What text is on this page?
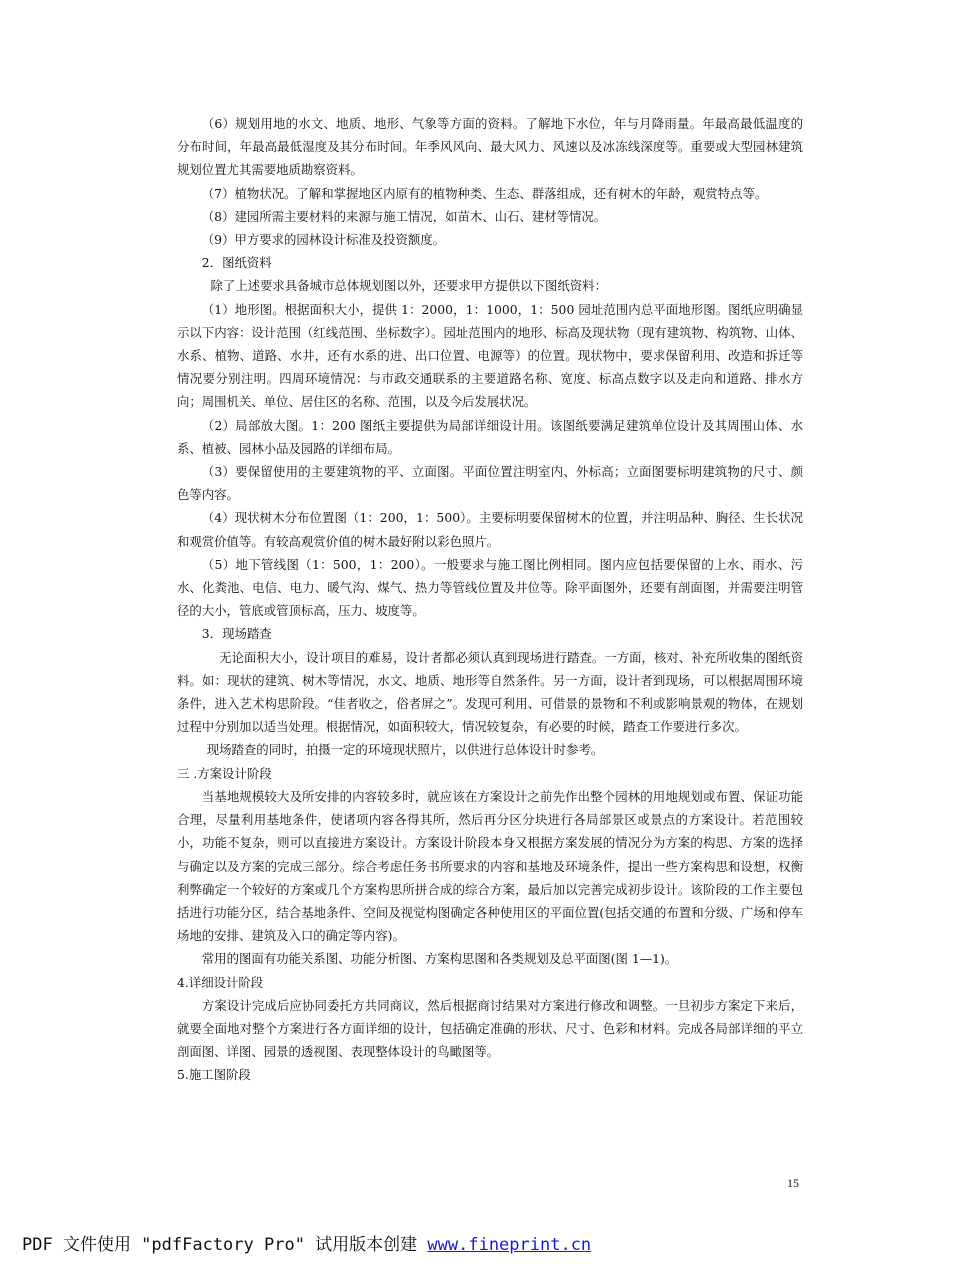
（6）规划用地的水文、地质、地形、气象等方面的资料。了解地下水位，年与月降雨量。年最高最低温度的分布时间，年最高最低湿度及其分布时间。年季风风向、最大风力、风速以及冰冻线深度等。重要或大型园林建筑规划位置尤其需要地质勘察资料。

（7）植物状况。了解和掌握地区内原有的植物种类、生态、群落组成，还有树木的年龄，观赏特点等。

（8）建园所需主要材料的来源与施工情况，如苗木、山石、建材等情况。

（9）甲方要求的园林设计标准及投资额度。

2．图纸资料

除了上述要求具备城市总体规划图以外，还要求甲方提供以下图纸资料：

（1）地形图。根据面积大小，提供 1：2000，1：1000，1：500 园址范围内总平面地形图。图纸应明确显示以下内容：设计范围（红线范围、坐标数字）。园址范围内的地形、标高及现状物（现有建筑物、构筑物、山体、水系、植物、道路、水井，还有水系的进、出口位置、电源等）的位置。现状物中，要求保留利用、改造和拆迁等情况要分别注明。四周环境情况：与市政交通联系的主要道路名称、宽度、标高点数字以及走向和道路、排水方向；周围机关、单位、居住区的名称、范围，以及今后发展状况。

（2）局部放大图。1：200 图纸主要提供为局部详细设计用。该图纸要满足建筑单位设计及其周围山体、水系、植被、园林小品及园路的详细布局。

（3）要保留使用的主要建筑物的平、立面图。平面位置注明室内、外标高；立面图要标明建筑物的尺寸、颜色等内容。

（4）现状树木分布位置图（1：200，1：500）。主要标明要保留树木的位置，并注明品种、胸径、生长状况和观赏价值等。有较高观赏价值的树木最好附以彩色照片。

（5）地下管线图（1：500，1：200）。一般要求与施工图比例相同。图内应包括要保留的上水、雨水、污水、化粪池、电信、电力、暖气沟、煤气、热力等管线位置及井位等。除平面图外，还要有剖面图，并需要注明管径的大小，管底或管顶标高，压力、坡度等。

3．现场踏查

无论面积大小，设计项目的难易，设计者都必须认真到现场进行踏查。一方面，核对、补充所收集的图纸资料。如：现状的建筑、树木等情况，水文、地质、地形等自然条件。另一方面，设计者到现场，可以根据周围环境条件，进入艺术构思阶段。“佳者收之，俗者屏之”。发现可利用、可借景的景物和不利或影响景观的物体，在规划过程中分别加以适当处理。根据情况，如面积较大，情况较复杂，有必要的时候，踏查工作要进行多次。

现场踏查的同时，拍摄一定的环境现状照片，以供进行总体设计时参考。

三 .方案设计阶段

当基地规模较大及所安排的内容较多时，就应该在方案设计之前先作出整个园林的用地规划或布置、保证功能合理，尽量利用基地条件，使诸项内容各得其所，然后再分区分块进行各局部景区或景点的方案设计。若范围较小，功能不复杂，则可以直接进方案设计。方案设计阶段本身又根据方案发展的情况分为方案的构思、方案的选择与确定以及方案的完成三部分。综合考虑任务书所要求的内容和基地及环境条件，提出一些方案构思和设想，权衡利弊确定一个较好的方案或几个方案构思所拼合成的综合方案，最后加以完善完成初步设计。该阶段的工作主要包括进行功能分区，结合基地条件、空间及视觉构图确定各种使用区的平面位置(包括交通的布置和分级、广场和停车场地的安排、建筑及入口的确定等内容)。

常用的图面有功能关系图、功能分析图、方案构思图和各类规划及总平面图(图 1—1)。

4.详细设计阶段

方案设计完成后应协同委托方共同商议，然后根据商讨结果对方案进行修改和调整。一旦初步方案定下来后，就要全面地对整个方案进行各方面详细的设计，包括确定准确的形状、尺寸、色彩和材料。完成各局部详细的平立剖面图、详图、园景的透视图、表现整体设计的鸟瞰图等。

5.施工图阶段

15
PDF 文件使用 "pdfFactory Pro" 试用版本创建 www.fineprint.cn
